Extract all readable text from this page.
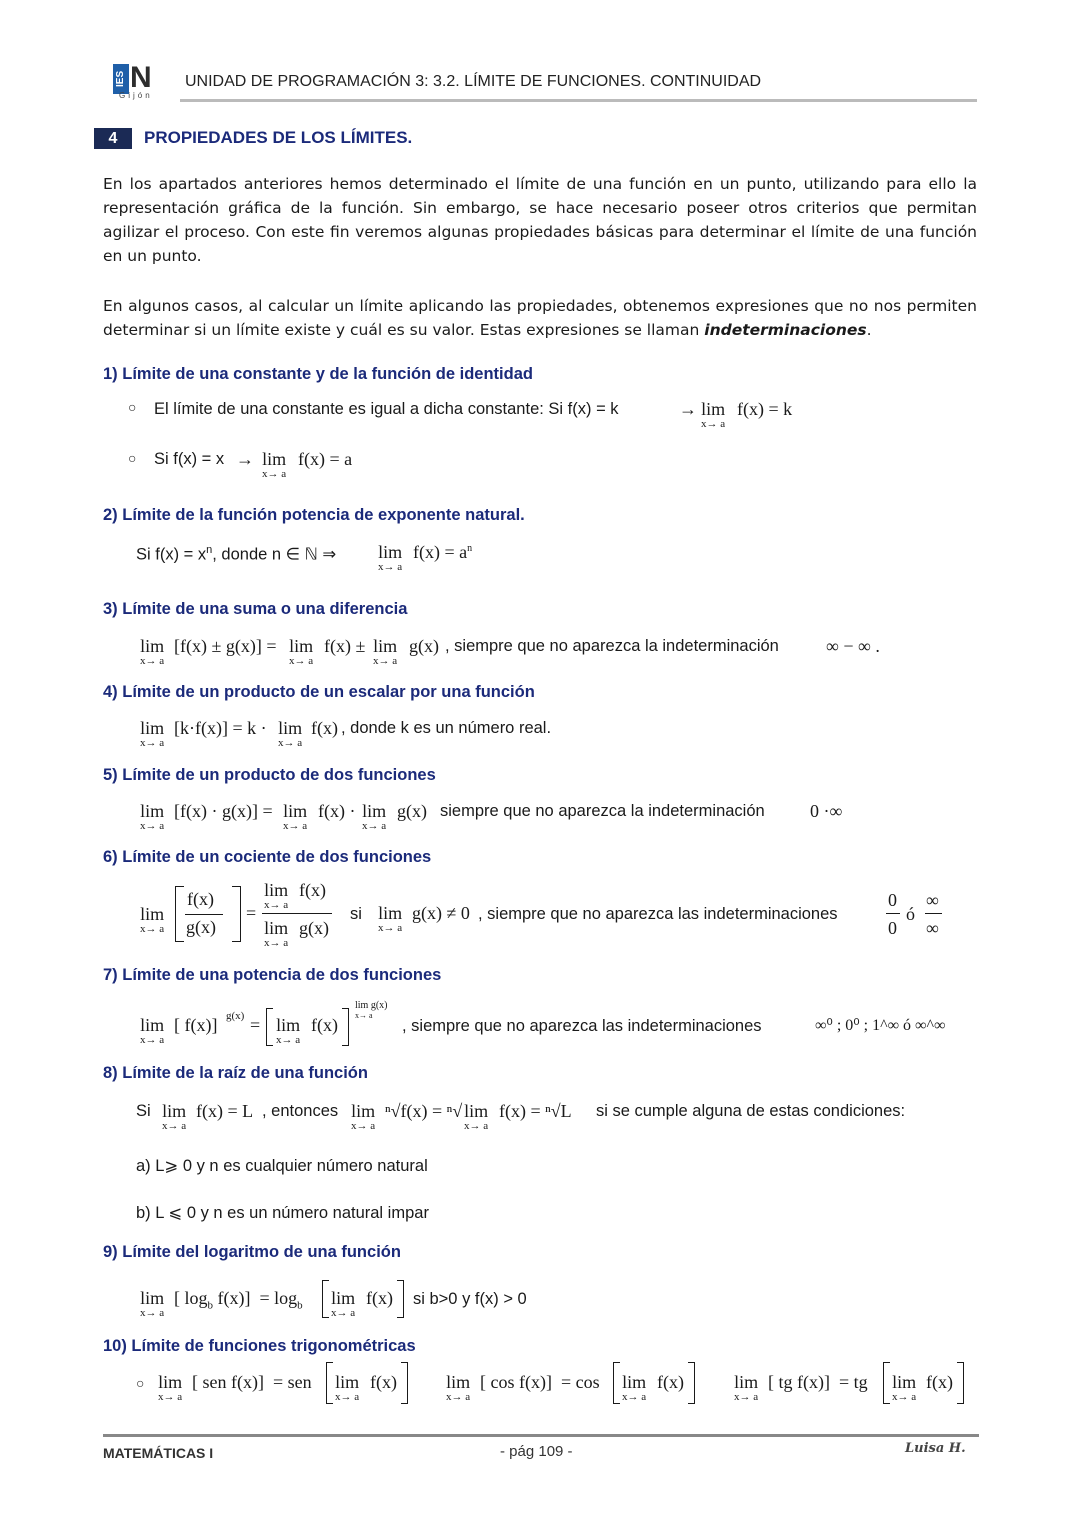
IES N
Gijón
UNIDAD DE PROGRAMACIÓN 3: 3.2. LÍMITE DE FUNCIONES. CONTINUIDAD
4	PROPIEDADES DE LOS LÍMITES.
En los apartados anteriores hemos determinado el límite de una función en un punto, utilizando para ello la representación gráfica de la función. Sin embargo, se hace necesario poseer otros criterios que permitan agilizar el proceso. Con este fin veremos algunas propiedades básicas para determinar el límite de una función en un punto.
En algunos casos, al calcular un límite aplicando las propiedades, obtenemos expresiones que no nos permiten determinar si un límite existe y cuál es su valor. Estas expresiones se llaman indeterminaciones.
1) Límite de una constante y de la función de identidad
○ El límite de una constante es igual a dicha constante: Si f(x) = k	→ lim
x→ a
f(x) = k
○ Si f(x) = x → lim
x→ a
f(x) = a
2) Límite de la función potencia de exponente natural.
Si $f(x) = x^n$, donde n ∈ ℕ ⇒ lim
x→ a
$f(x) = a^n$
3) Límite de una suma o una diferencia
lim
x→ a
[f(x) ± g(x)] = lim
x→ a
f(x) ± lim
x→ a
g(x) , siempre que no aparezca la indeterminación	∞ − ∞ .
4) Límite de un producto de un escalar por una función
lim
x→ a
[k·f(x)] = k · lim
x→ a
f(x) , donde k es un número real.
5) Límite de un producto de dos funciones
lim
x→ a
[f(x) · g(x)] = lim
x→ a
f(x) · lim
x→ a
g(x) siempre que no aparezca la indeterminación	0 ·∞
6) Límite de un cociente de dos funciones
lim
x→ a
f(x)
g(x)
=
lim
x→ a
f(x)
lim
x→ a
g(x)
si lim
x→ a
g(x) ≠ 0 , siempre que no aparezca las indeterminaciones
0
0
ó
∞
∞
7) Límite de una potencia de dos funciones
lim
x→ a
[ f(x)] g(x) = lim
x→ a
f(x)
lim g(x)
x→ a
, siempre que no aparezca las indeterminaciones	∞⁰ ; 0⁰ ; 1^∞ ó ∞^∞
8) Límite de la raíz de una función
Si lim
x→ a
f(x) = L , entonces lim
x→ a
ⁿ√f(x) = ⁿ√ lim
x→ a
f(x) = ⁿ√L si se cumple alguna de estas condiciones:
a) L⩾ 0 y n es cualquier número natural
b) L ⩽ 0 y n es un número natural impar
9) Límite del logaritmo de una función
lim
x→ a
[ $\log_b f(x)] = \log_b \lim$
x→ a
f(x) si b>0 y f(x) > 0
10) Límite de funciones trigonométricas
○ lim
x→ a
[ sen f(x)]  = sen lim
x→ a
f(x)	lim
x→ a
[ cos f(x)]  = cos lim
x→ a
f(x)	lim
x→ a
[ tg f(x)]  = tg lim
x→ a
f(x)
MATEMÁTICAS I	- pág 109 -	Luisa H.
